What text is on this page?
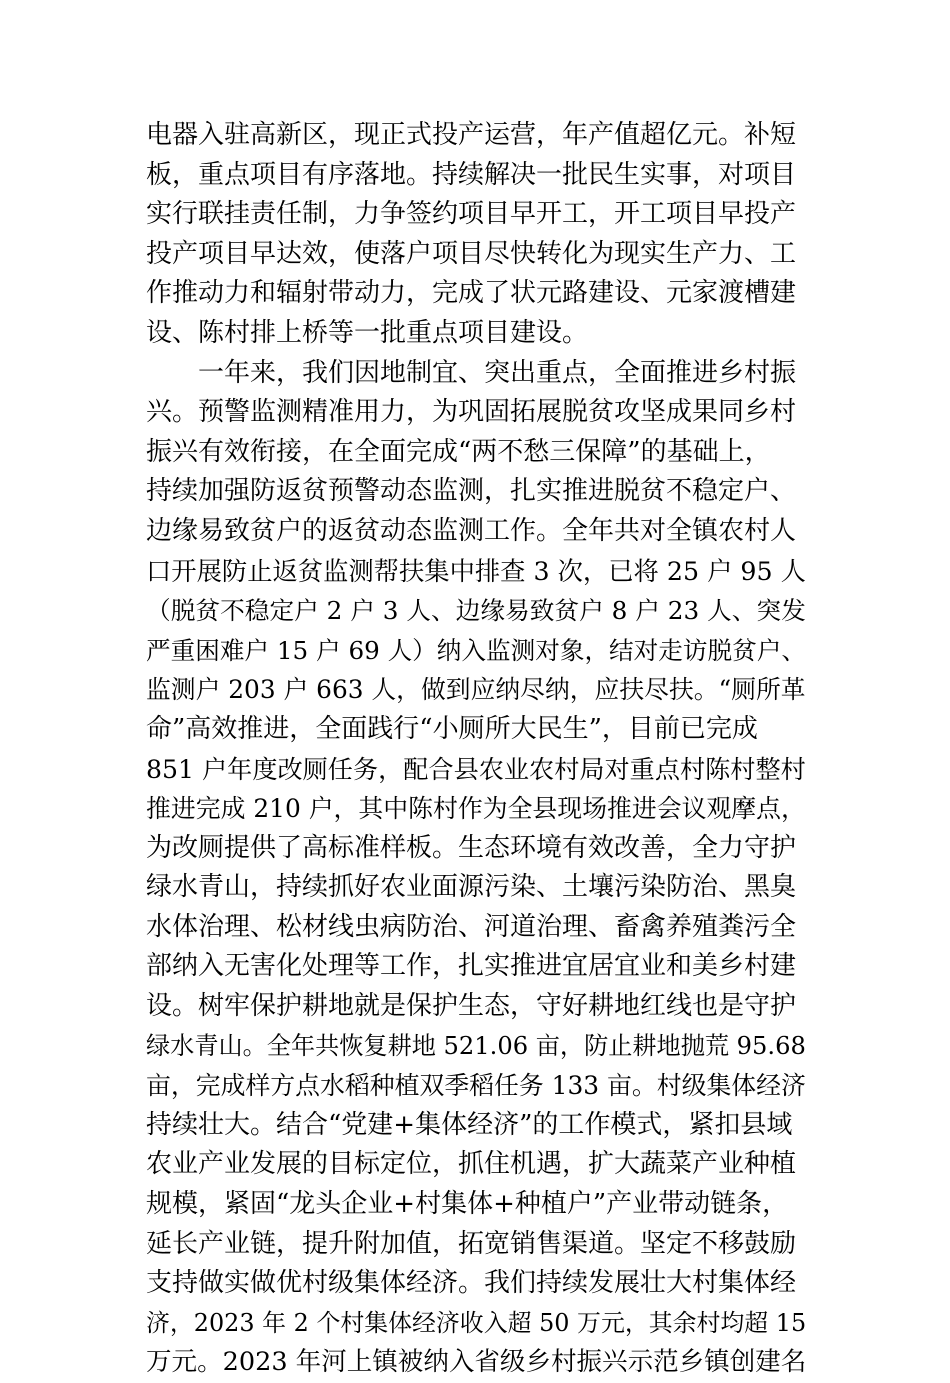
电器入驻高新区，现正式投产运营，年产值超亿元。补短
板，重点项目有序落地。持续解决一批民生实事，对项目
实行联挂责任制，力争签约项目早开工，开工项目早投产
投产项目早达效，使落户项目尽快转化为现实生产力、工
作推动力和辐射带动力，完成了状元路建设、元家渡槽建
设、陈村排上桥等一批重点项目建设。
　　一年来，我们因地制宜、突出重点，全面推进乡村振
兴。预警监测精准用力，为巩固拓展脱贫攻坚成果同乡村
振兴有效衔接，在全面完成“两不愁三保障”的基础上，
持续加强防返贫预警动态监测，扎实推进脱贫不稳定户、
边缘易致贫户的返贫动态监测工作。全年共对全镇农村人
口开展防止返贫监测帮扶集中排查 3 次，已将 25 户 95 人
（脱贫不稳定户 2 户 3 人、边缘易致贫户 8 户 23 人、突发
严重困难户 15 户 69 人）纳入监测对象，结对走访脱贫户、
监测户 203 户 663 人，做到应纳尽纳，应扶尽扶。“厕所革
命”高效推进，全面践行“小厕所大民生”，目前已完成
851 户年度改厕任务，配合县农业农村局对重点村陈村整村
推进完成 210 户，其中陈村作为全县现场推进会议观摩点，
为改厕提供了高标准样板。生态环境有效改善，全力守护
绿水青山，持续抓好农业面源污染、土壤污染防治、黑臭
水体治理、松材线虫病防治、河道治理、畜禽养殖粪污全
部纳入无害化处理等工作，扎实推进宜居宜业和美乡村建
设。树牢保护耕地就是保护生态，守好耕地红线也是守护
绿水青山。全年共恢复耕地 521.06 亩，防止耕地抛荒 95.68
亩，完成样方点水稻种植双季稻任务 133 亩。村级集体经济
持续壮大。结合“党建+集体经济”的工作模式，紧扣县域
农业产业发展的目标定位，抓住机遇，扩大蔬菜产业种植
规模，紧固“龙头企业+村集体+种植户”产业带动链条，
延长产业链，提升附加值，拓宽销售渠道。坚定不移鼓励
支持做实做优村级集体经济。我们持续发展壮大村集体经
济，2023 年 2 个村集体经济收入超 50 万元，其余村均超 15
万元。2023 年河上镇被纳入省级乡村振兴示范乡镇创建名
